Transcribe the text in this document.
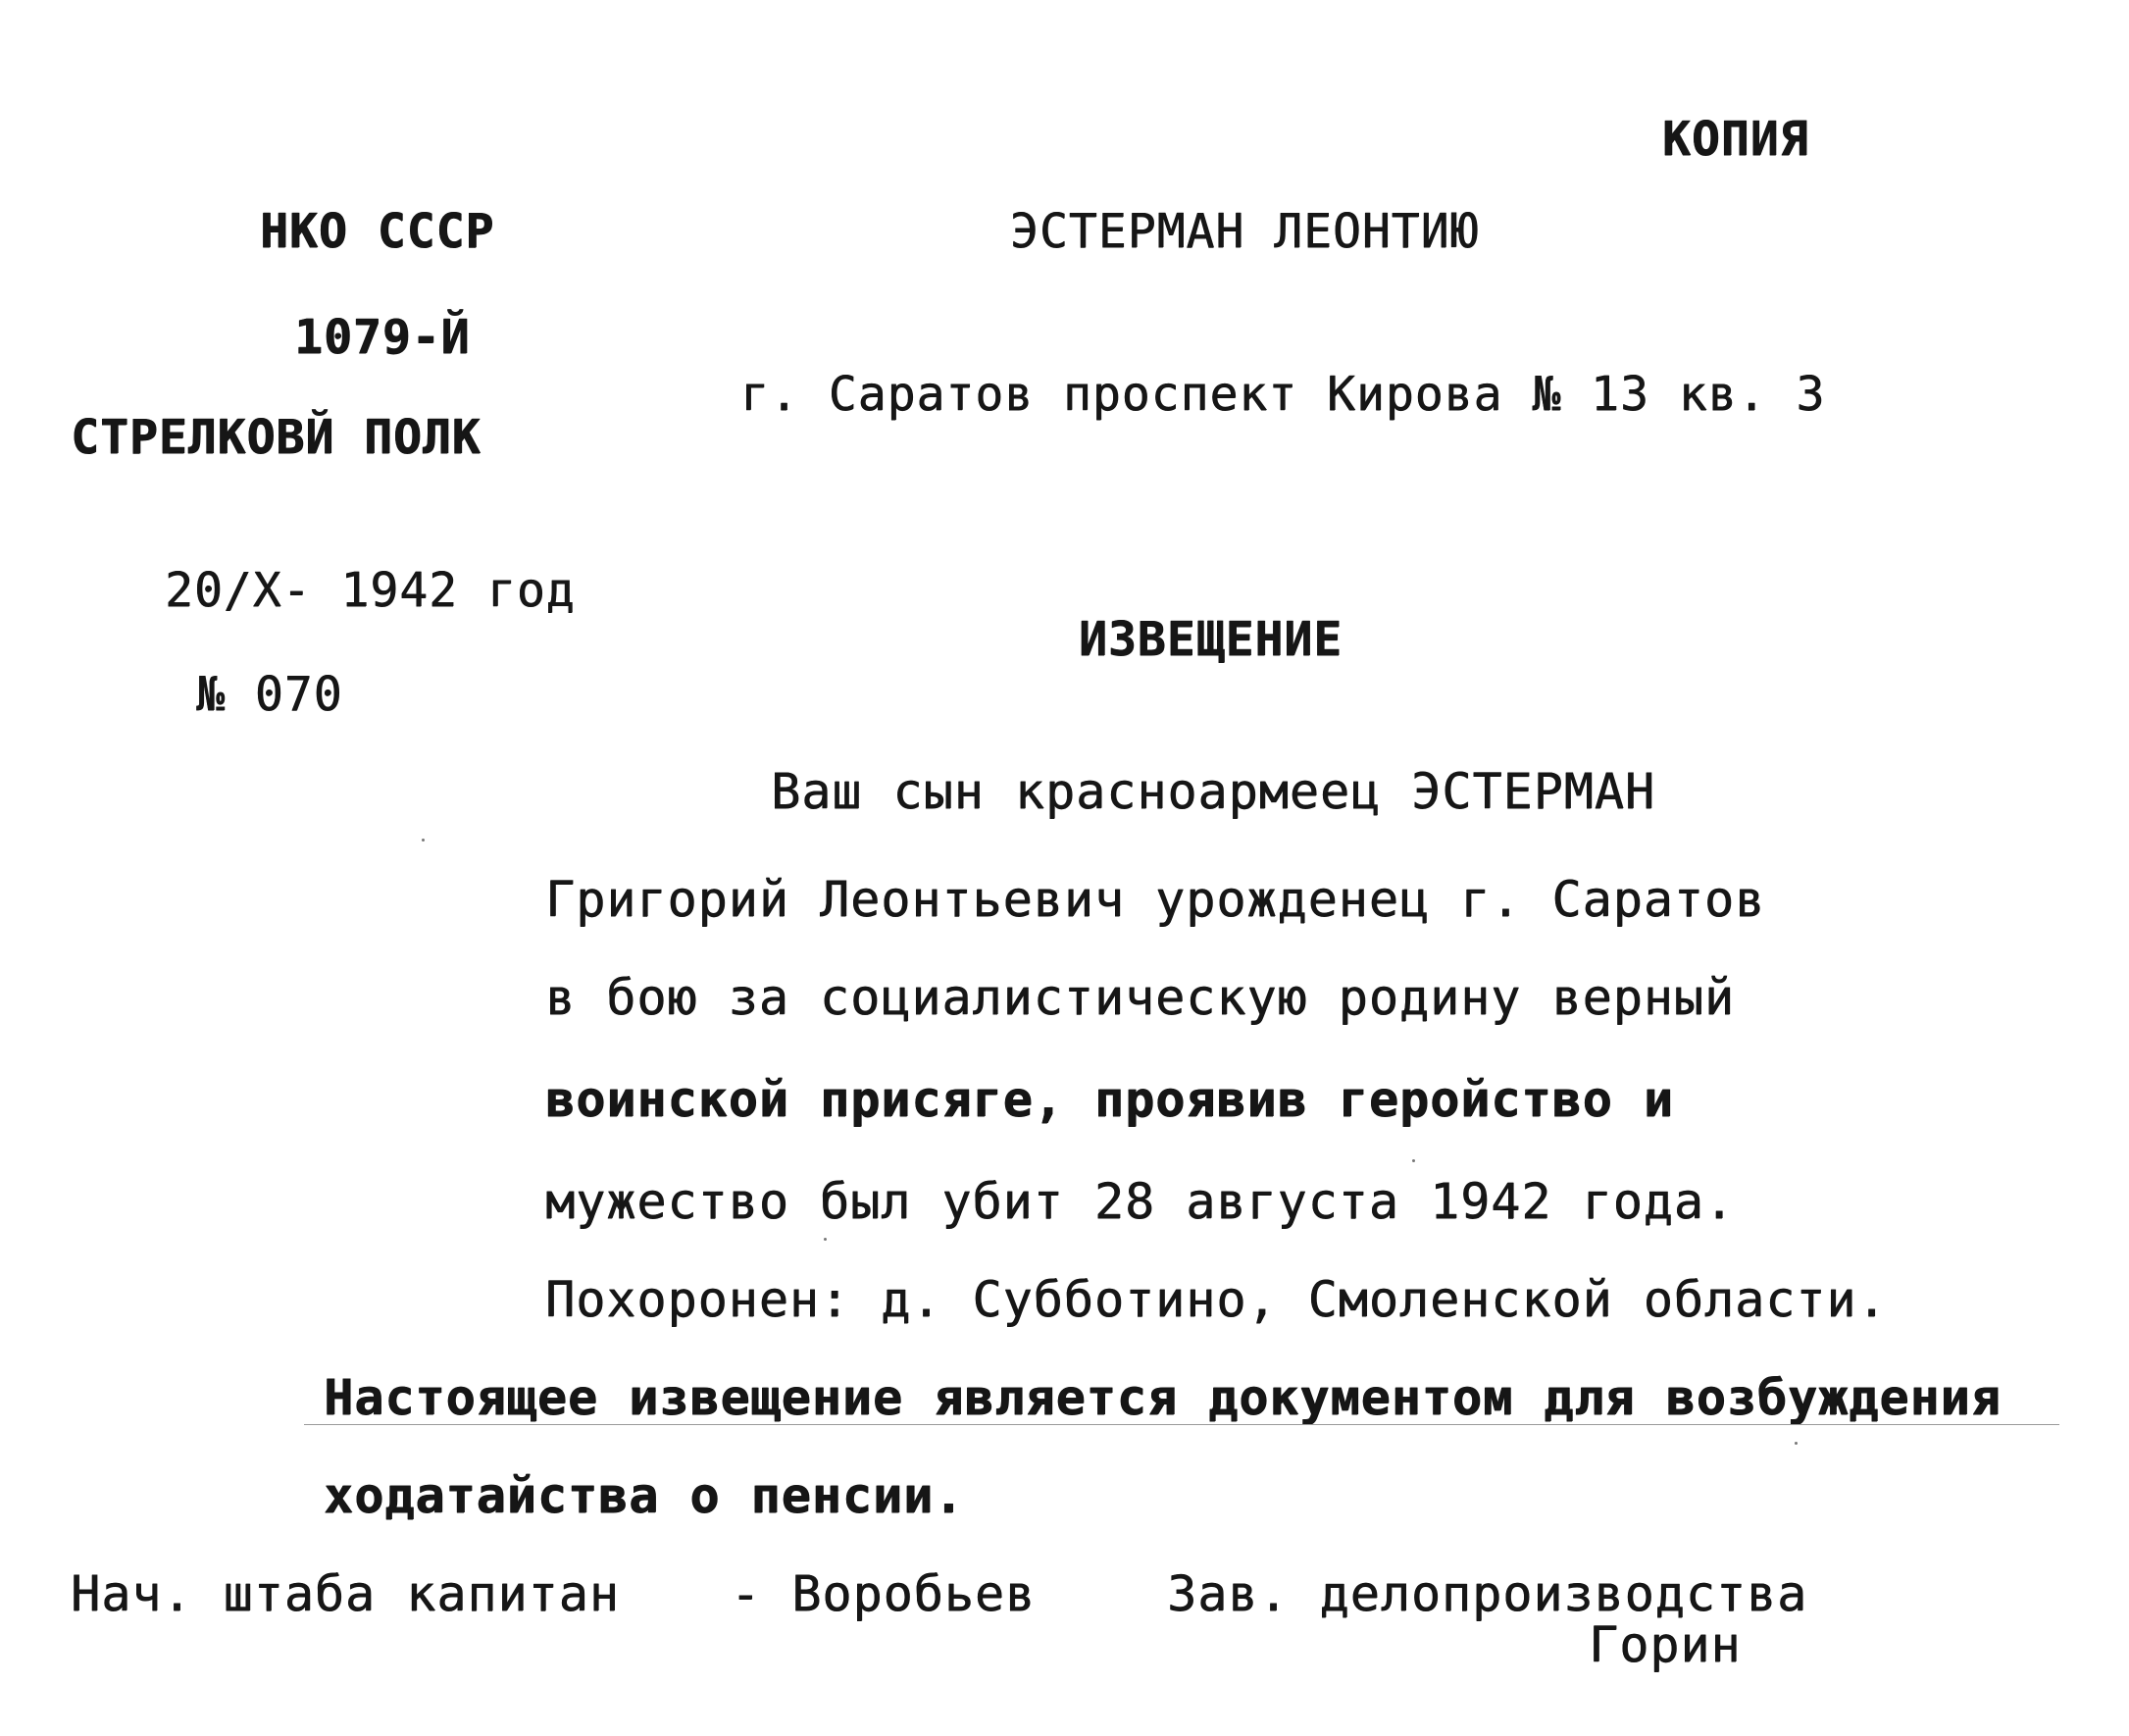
КОПИЯ
НКО СССР
1079-Й
СТРЕЛКОВЙ ПОЛК
20/Х- 1942 год
№ 070
ЭСТЕРМАН ЛЕОНТИЮ
г. Саратов проспект Кирова № 13 кв. 3
ИЗВЕЩЕНИЕ
Ваш сын красноармеец ЭСТЕРМАН
Григорий Леонтьевич урожденец г. Саратов
в бою за социалистическую родину верный
воинской присяге, проявив геройство и
мужество был убит 28 августа 1942 года.
Похоронен: д. Субботино, Смоленской области.
Настоящее извещение является документом для возбуждения
ходатайства о пенсии.
Нач. штаба капитан - Воробьев	Зав. делопроизводства
Горин
